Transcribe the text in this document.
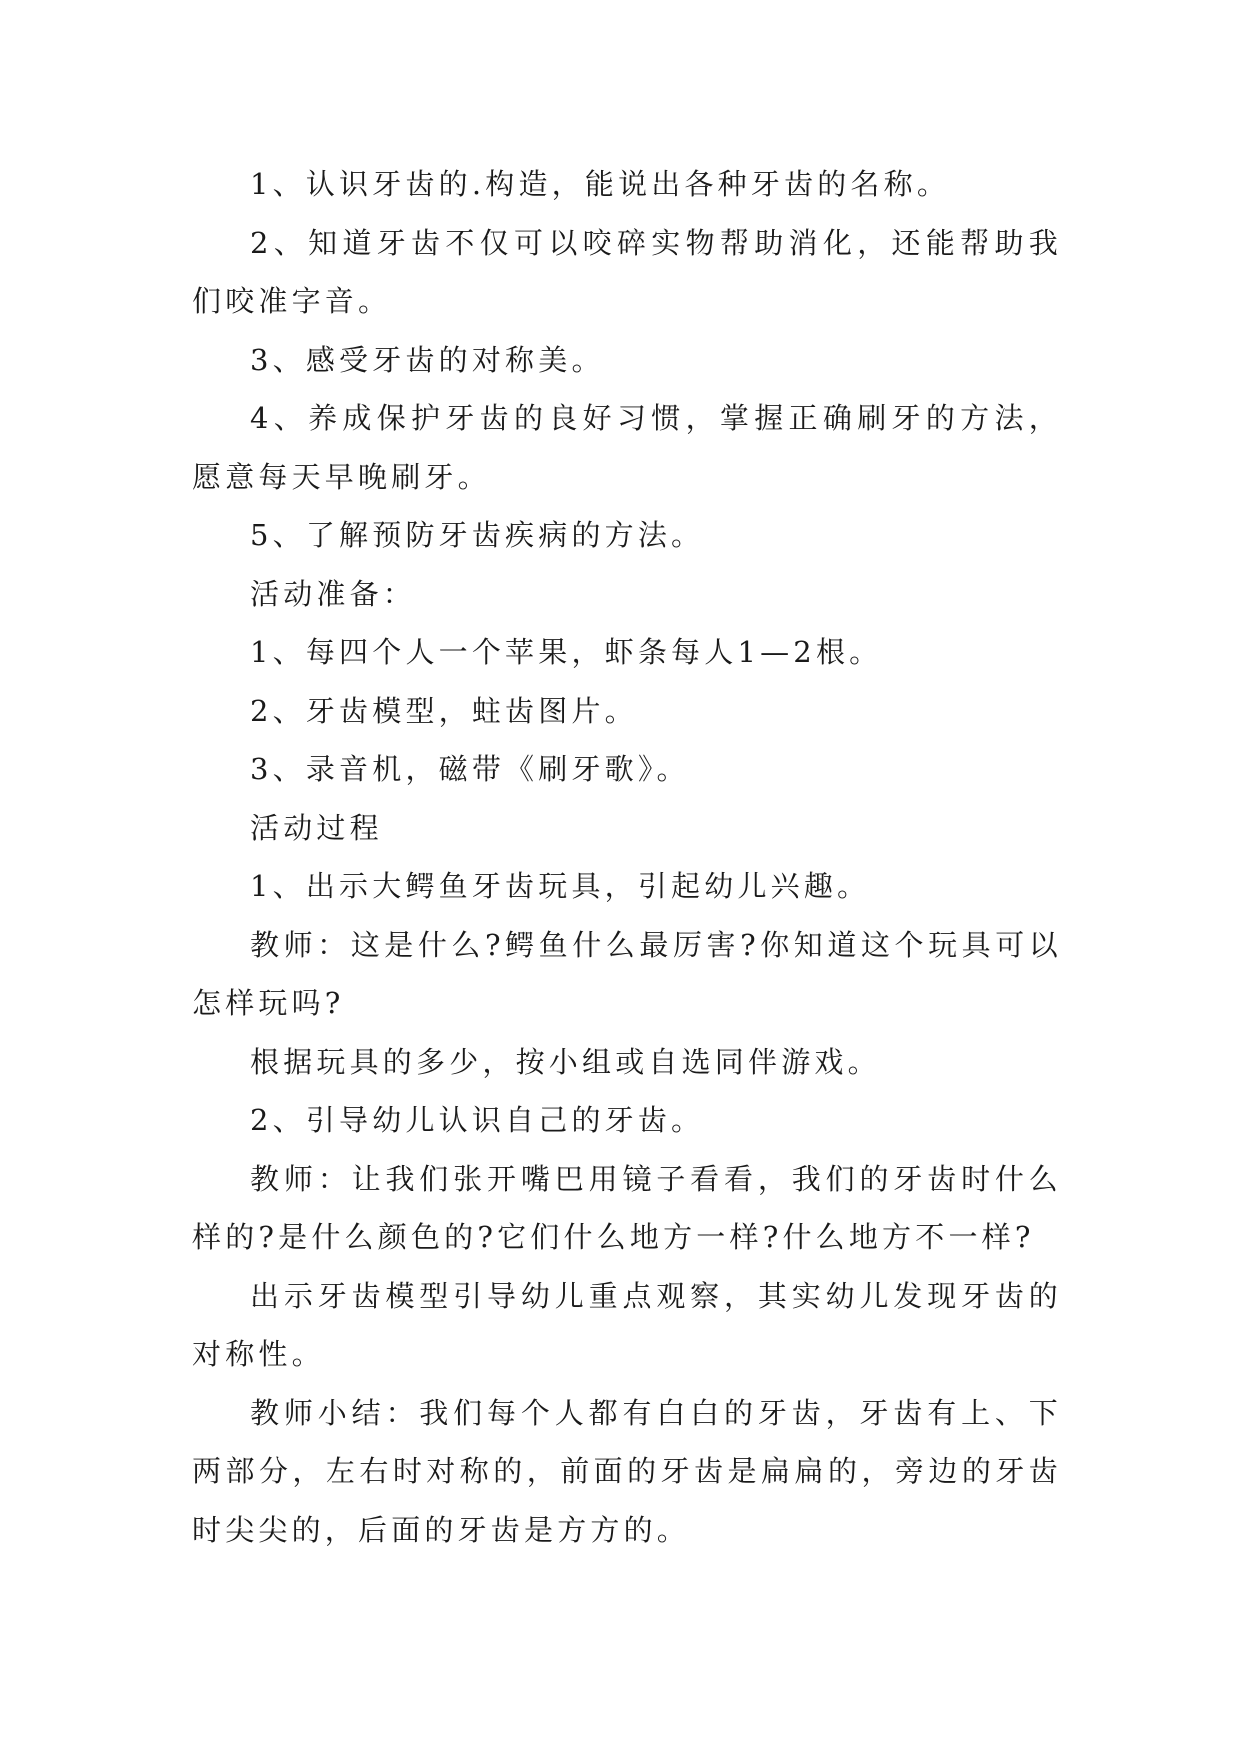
1、认识牙齿的.构造，能说出各种牙齿的名称。

2、知道牙齿不仅可以咬碎实物帮助消化，还能帮助我们咬准字音。

3、感受牙齿的对称美。

4、养成保护牙齿的良好习惯，掌握正确刷牙的方法，愿意每天早晚刷牙。

5、了解预防牙齿疾病的方法。

活动准备：

1、每四个人一个苹果，虾条每人1—2根。

2、牙齿模型，蛀齿图片。

3、录音机，磁带《刷牙歌》。

活动过程

1、出示大鳄鱼牙齿玩具，引起幼儿兴趣。

教师：这是什么?鳄鱼什么最厉害?你知道这个玩具可以怎样玩吗?

根据玩具的多少，按小组或自选同伴游戏。

2、引导幼儿认识自己的牙齿。

教师：让我们张开嘴巴用镜子看看，我们的牙齿时什么样的?是什么颜色的?它们什么地方一样?什么地方不一样?

出示牙齿模型引导幼儿重点观察，其实幼儿发现牙齿的对称性。

教师小结：我们每个人都有白白的牙齿，牙齿有上、下两部分，左右时对称的，前面的牙齿是扁扁的，旁边的牙齿时尖尖的，后面的牙齿是方方的。
